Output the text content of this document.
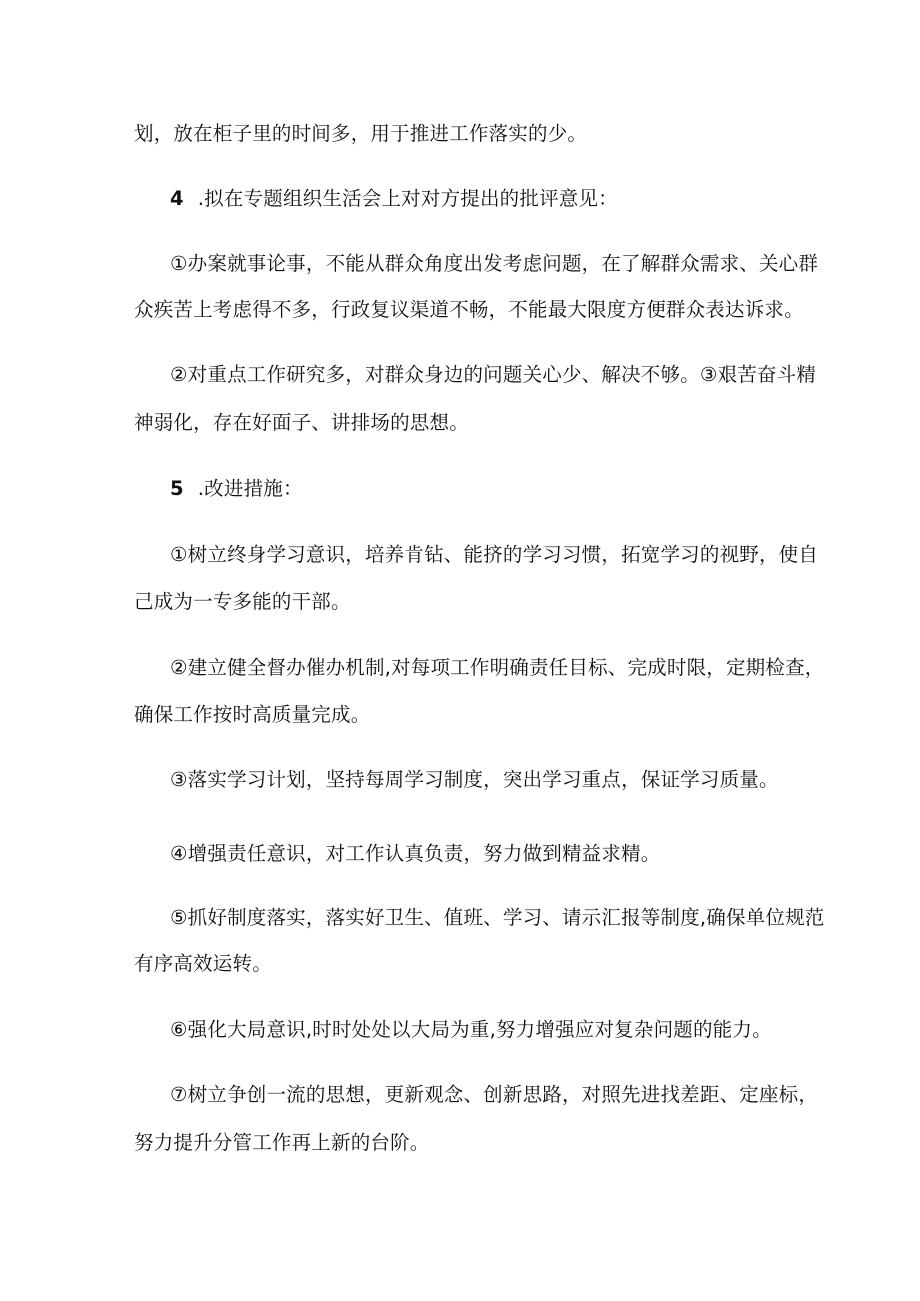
划，放在柜子里的时间多，用于推进工作落实的少。
4 .拟在专题组织生活会上对对方提出的批评意见：
①办案就事论事，不能从群众角度出发考虑问题，在了解群众需求、关心群
众疾苦上考虑得不多，行政复议渠道不畅，不能最大限度方便群众表达诉求。
②对重点工作研究多，对群众身边的问题关心少、解决不够。③艰苦奋斗精
神弱化，存在好面子、讲排场的思想。
5 .改进措施：
①树立终身学习意识，培养肯钻、能挤的学习习惯，拓宽学习的视野，使自
己成为一专多能的干部。
②建立健全督办催办机制,对每项工作明确责任目标、完成时限，定期检查，
确保工作按时高质量完成。
③落实学习计划，坚持每周学习制度，突出学习重点，保证学习质量。
④增强责任意识，对工作认真负责，努力做到精益求精。
⑤抓好制度落实，落实好卫生、值班、学习、请示汇报等制度,确保单位规范
有序高效运转。
⑥强化大局意识,时时处处以大局为重,努力增强应对复杂问题的能力。
⑦树立争创一流的思想，更新观念、创新思路，对照先进找差距、定座标，
努力提升分管工作再上新的台阶。
